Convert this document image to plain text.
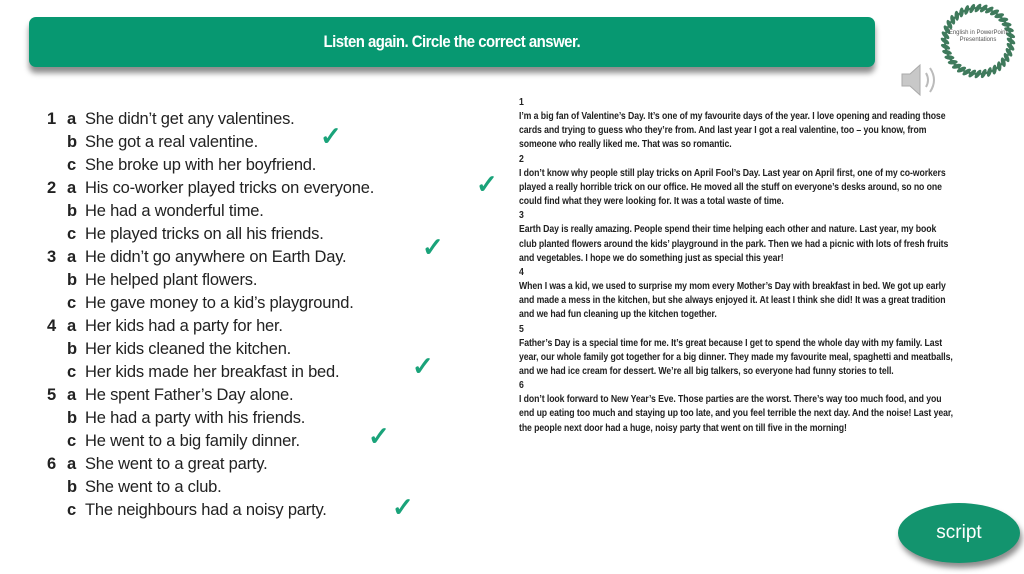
Listen again. Circle the correct answer.	English in PowerPoint Presentations
1 a She didn’t get any valentines.
b She got a real valentine.
c She broke up with her boyfriend.
2 a His co-worker played tricks on everyone.
b He had a wonderful time.
c He played tricks on all his friends.
3 a He didn’t go anywhere on Earth Day.
b He helped plant flowers.
c He gave money to a kid’s playground.
4 a Her kids had a party for her.
b Her kids cleaned the kitchen.
c Her kids made her breakfast in bed.
5 a He spent Father’s Day alone.
b He had a party with his friends.
c He went to a big family dinner.
6 a She went to a great party.
b She went to a club.
c The neighbours had a noisy party.
✓
✓
✓
✓
✓
✓

1

I’m a big fan of Valentine’s Day. It’s one of my favourite days of the year. I love opening and reading those cards and trying to guess who they’re from. And last year I got a real valentine, too – you know, from someone who really liked me. That was so romantic.

2

I don’t know why people still play tricks on April Fool’s Day. Last year on April first, one of my co-workers played a really horrible trick on our office. He moved all the stuff on everyone’s desks around, so no one could find what they were looking for. It was a total waste of time.

3

Earth Day is really amazing. People spend their time helping each other and nature. Last year, my book club planted flowers around the kids’ playground in the park. Then we had a picnic with lots of fresh fruits and vegetables. I hope we do something just as special this year!

4

When I was a kid, we used to surprise my mom every Mother’s Day with breakfast in bed. We got up early and made a mess in the kitchen, but she always enjoyed it. At least I think she did! It was a great tradition and we had fun cleaning up the kitchen together.

5

Father’s Day is a special time for me. It’s great because I get to spend the whole day with my family. Last year, our whole family got together for a big dinner. They made my favourite meal, spaghetti and meatballs, and we had ice cream for dessert. We’re all big talkers, so everyone had funny stories to tell.

6

I don’t look forward to New Year’s Eve. Those parties are the worst. There’s way too much food, and you end up eating too much and staying up too late, and you feel terrible the next day. And the noise! Last year, the people next door had a huge, noisy party that went on till five in the morning!

script
